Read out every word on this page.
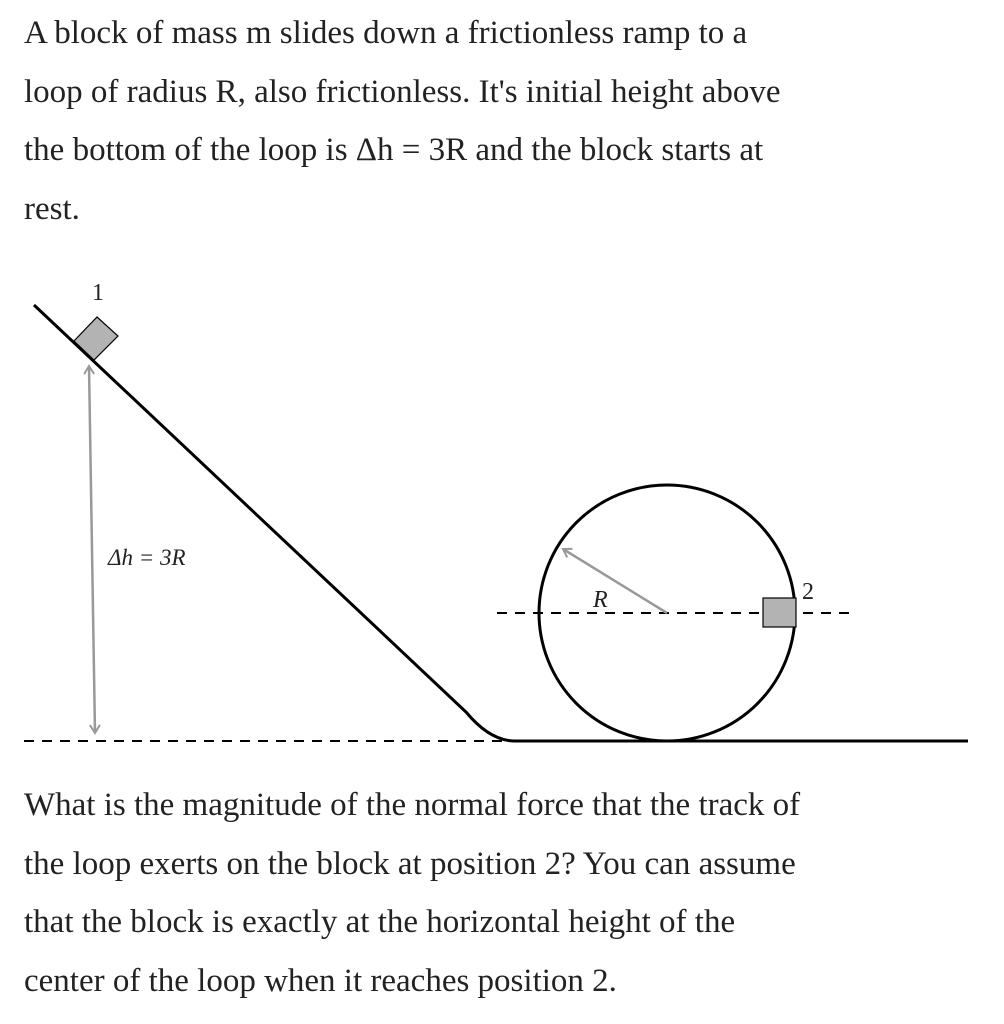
A block of mass m slides down a frictionless ramp to a
loop of radius R, also frictionless. It's initial height above
the bottom of the loop is Δh = 3R and the block starts at
rest.
1
2
Δh = 3R
R
What is the magnitude of the normal force that the track of
the loop exerts on the block at position 2? You can assume
that the block is exactly at the horizontal height of the
center of the loop when it reaches position 2.
